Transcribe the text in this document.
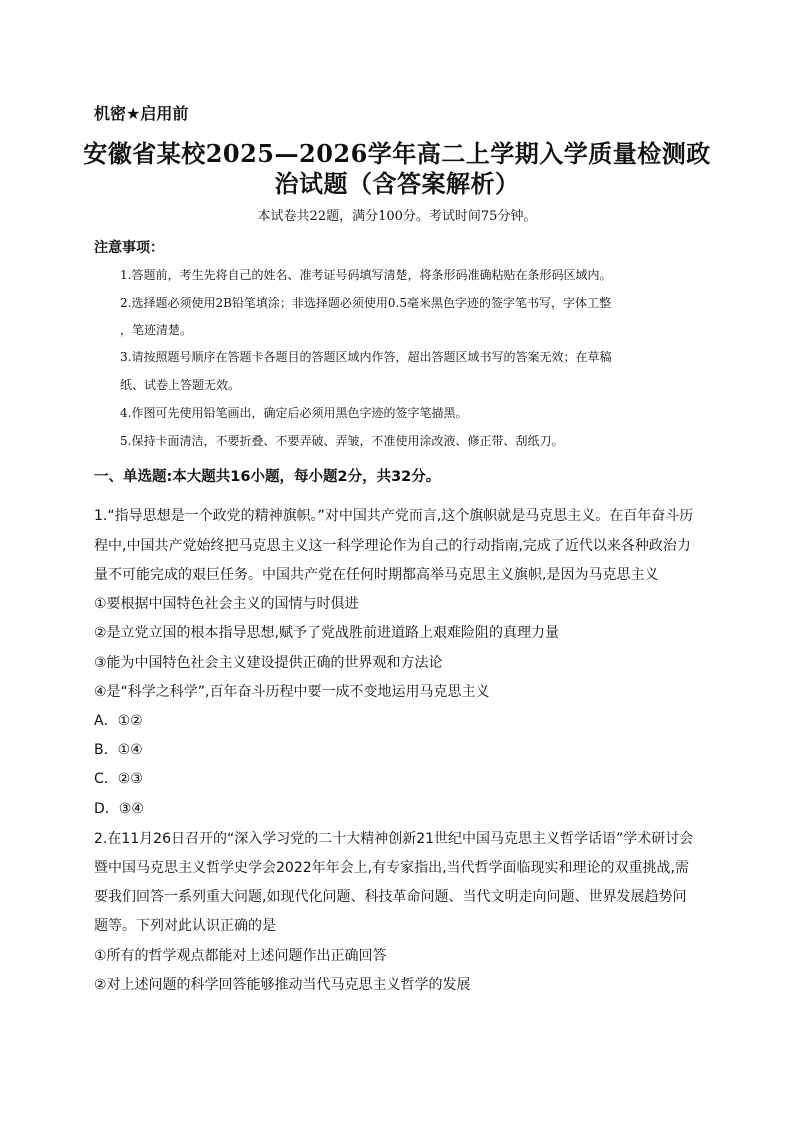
机密★启用前
安徽省某校2025—2026学年高二上学期入学质量检测政
治试题（含答案解析）
本试卷共22题，满分100分。考试时间75分钟。
注意事项：
1.答题前，考生先将自己的姓名、准考证号码填写清楚，将条形码准确粘贴在条形码区域内。
2.选择题必须使用2B铅笔填涂；非选择题必须使用0.5毫米黑色字迹的签字笔书写，字体工整
，笔迹清楚。
3.请按照题号顺序在答题卡各题目的答题区域内作答，超出答题区域书写的答案无效；在草稿
纸、试卷上答题无效。
4.作图可先使用铅笔画出，确定后必须用黑色字迹的签字笔描黑。
5.保持卡面清洁，不要折叠、不要弄破、弄皱，不准使用涂改液、修正带、刮纸刀。
一、单选题:本大题共16小题，每小题2分，共32分。
1.“指导思想是一个政党的精神旗帜。”对中国共产党而言,这个旗帜就是马克思主义。在百年奋斗历
程中,中国共产党始终把马克思主义这一科学理论作为自己的行动指南,完成了近代以来各种政治力
量不可能完成的艰巨任务。中国共产党在任何时期都高举马克思主义旗帜,是因为马克思主义
①要根据中国特色社会主义的国情与时俱进
②是立党立国的根本指导思想,赋予了党战胜前进道路上艰难险阻的真理力量
③能为中国特色社会主义建设提供正确的世界观和方法论
④是“科学之科学”,百年奋斗历程中要一成不变地运用马克思主义
A．①②
B．①④
C．②③
D．③④
2.在11月26日召开的“深入学习党的二十大精神创新21世纪中国马克思主义哲学话语”学术研讨会
暨中国马克思主义哲学史学会2022年年会上,有专家指出,当代哲学面临现实和理论的双重挑战,需
要我们回答一系列重大问题,如现代化问题、科技革命问题、当代文明走向问题、世界发展趋势问
题等。下列对此认识正确的是
①所有的哲学观点都能对上述问题作出正确回答
②对上述问题的科学回答能够推动当代马克思主义哲学的发展
